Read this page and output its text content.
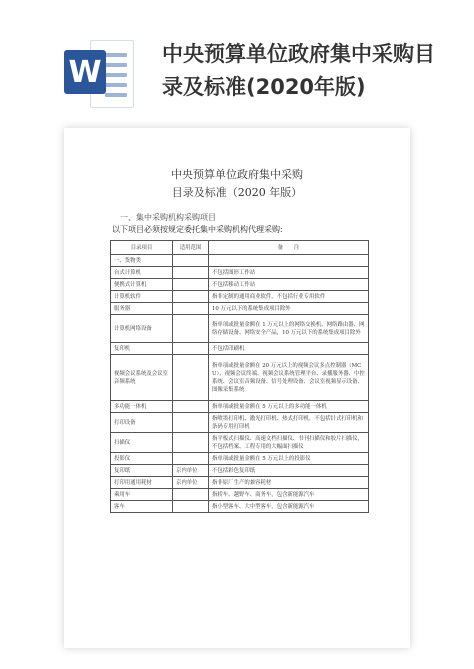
W
中央预算单位政府集中采购目
录及标准(2020年版)
中央预算单位政府集中采购
目录及标准（2020 年版）
一、集中采购机构采购项目
以下项目必须按规定委托集中采购机构代理采购:
目录项目	适用范围	备　　注
一、货物类		
台式计算机		不包括图形工作站
便携式计算机		不包括移动工作站
计算机软件		指非定制的通用商业软件，不包括行业专用软件
服务器		10 万元以下的系统集成项目除外
计算机网络设备		指单项或批量金额在 1 万元以上的网络交换机、网络路由器、网络存储设备、网络安全产品，10 万元以下的系统集成项目除外
复印机		不包括印刷机
视频会议系统及会议室音频系统		指单项或批量金额在 20 万元以上的视频会议多点控制器（MCU）、视频会议终端、视频会议系统管理平台、录播服务器、中控系统、会议室音频设备、信号处理设备、会议室视频显示设备、图像采集系统
多功能一体机		指单项或批量金额在 5 万元以上的多功能一体机
打印设备		指喷墨打印机、激光打印机、热式打印机，不包括针式打印机和条码专用打印机
扫描仪		指平板式扫描仪、高速文档扫描仪、书刊扫描仪和胶片扫描仪，不包括档案、工程专用的大幅面扫描仪
投影仪		指单项或批量金额在 5 万元以上的投影仪
复印纸	京内单位	不包括彩色复印纸
打印用通用耗材	京内单位	指非原厂生产的兼容耗材
乘用车		指轿车、越野车、商务车，包含新能源汽车
客车		指小型客车、大中型客车，包含新能源汽车
